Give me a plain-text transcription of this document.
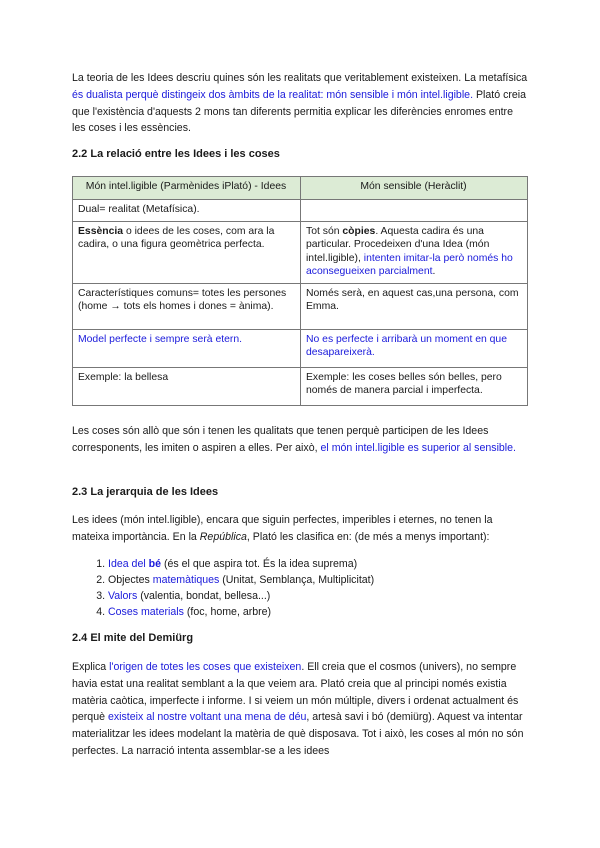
La teoria de les Idees descriu quines són les realitats que veritablement existeixen. La metafísica és dualista perquè distingeix dos àmbits de la realitat: món sensible i món intel.ligible. Plató creia que l'existència d'aquests 2 mons tan diferents permitia explicar les diferències enromes entre les coses i les essències.

2.2 La relació entre les Idees i les coses
Món intel.ligible (Parmènides iPlató) - Idees	Món sensible (Heràclit)
Dual= realitat (Metafísica).	
Essència o idees de les coses, com ara la cadira, o una figura geomètrica perfecta.	Tot són còpies. Aquesta cadira és una particular. Procedeixen d'una Idea (món intel.ligible), intenten imitar-la però només ho aconsegueixen parcialment.
Característiques comuns= totes les persones (home → tots els homes i dones = ànima).	Només serà, en aquest cas,una persona, com Emma.
Model perfecte i sempre serà etern.	No es perfecte i arribarà un moment en que desapareixerà.
Exemple: la bellesa	Exemple: les coses belles són belles, pero només de manera parcial i imperfecta.

Les coses són allò que són i tenen les qualitats que tenen perquè participen de les Idees corresponents, les imiten o aspiren a elles. Per això, el món intel.ligible es superior al sensible.

2.3 La jerarquia de les Idees

Les idees (món intel.ligible), encara que siguin perfectes, imperibles i eternes, no tenen la mateixa importància. En la República, Plató les clasifica en: (de més a menys important):

1. Idea del bé (és el que aspira tot. És la idea suprema)
2. Objectes matemàtiques (Unitat, Semblança, Multiplicitat)
3. Valors (valentia, bondat, bellesa...)
4. Coses materials (foc, home, arbre)
2.4 El mite del Demiürg

Explica l'origen de totes les coses que existeixen. Ell creia que el cosmos (univers), no sempre havia estat una realitat semblant a la que veiem ara. Plató creia que al principi només existia matèria caòtica, imperfecte i informe. I si veiem un món múltiple, divers i ordenat actualment és perquè existeix al nostre voltant una mena de déu, artesà savi i bó (demiürg). Aquest va intentar materialitzar les idees modelant la matèria de què disposava. Tot i això, les coses al món no són perfectes. La narració intenta assemblar-se a les idees
